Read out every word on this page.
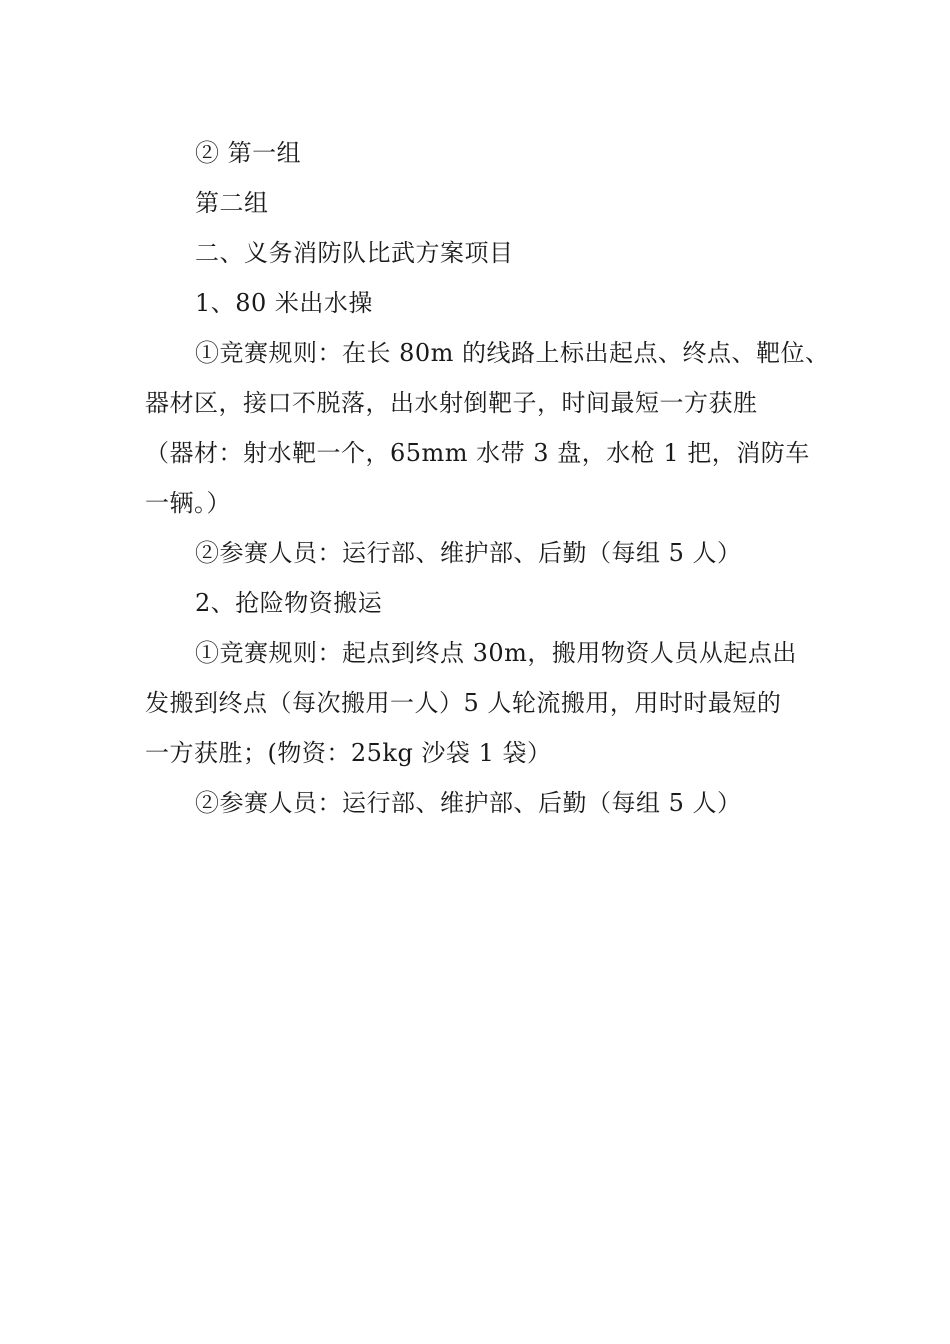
② 第一组
第二组
二、义务消防队比武方案项目
1、80 米出水操
①竞赛规则：在长 80m 的线路上标出起点、终点、靶位、
器材区，接口不脱落，出水射倒靶子，时间最短一方获胜
（器材：射水靶一个，65mm 水带 3 盘，水枪 1 把，消防车
一辆。）
②参赛人员：运行部、维护部、后勤（每组 5 人）
2、抢险物资搬运
①竞赛规则：起点到终点 30m，搬用物资人员从起点出
发搬到终点（每次搬用一人）5 人轮流搬用，用时时最短的
一方获胜；(物资：25kg 沙袋 1 袋）
②参赛人员：运行部、维护部、后勤（每组 5 人）
